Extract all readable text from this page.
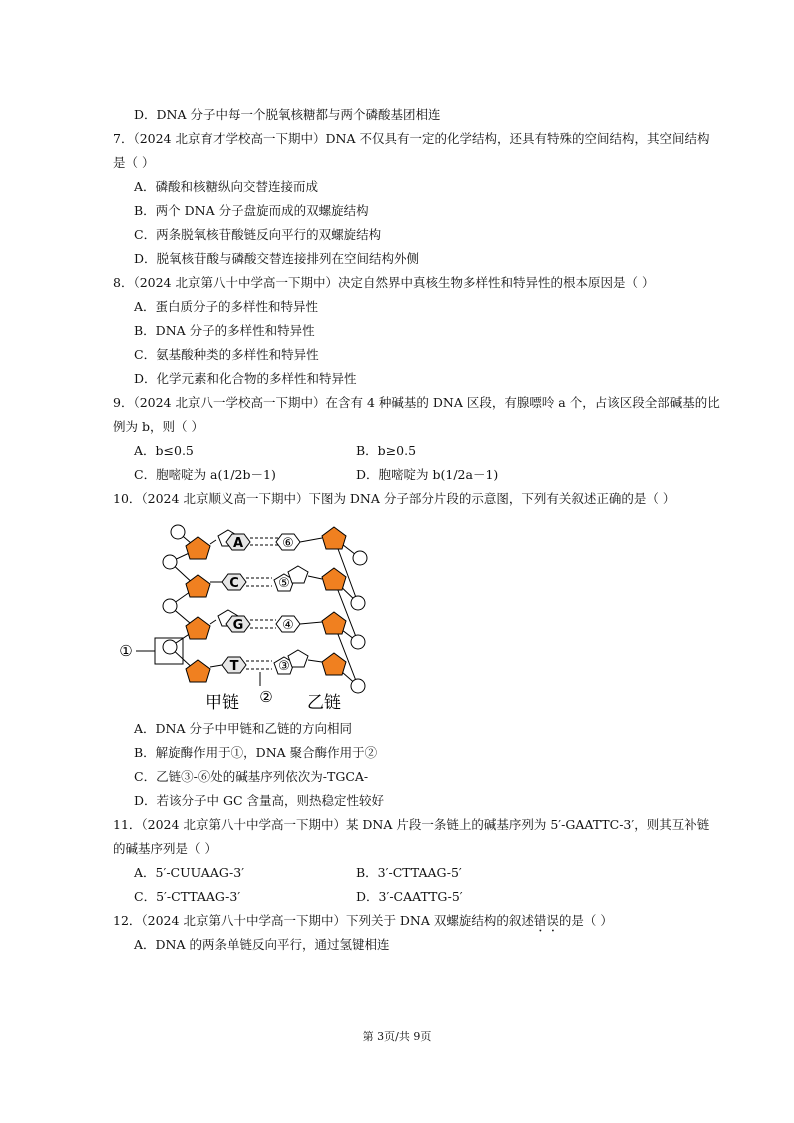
D．DNA 分子中每一个脱氧核糖都与两个磷酸基团相连
7．（2024 北京育才学校高一下期中）DNA 不仅具有一定的化学结构，还具有特殊的空间结构，其空间结构
是（ ）
A．磷酸和核糖纵向交替连接而成
B．两个 DNA 分子盘旋而成的双螺旋结构
C．两条脱氧核苷酸链反向平行的双螺旋结构
D．脱氧核苷酸与磷酸交替连接排列在空间结构外侧
8．（2024 北京第八十中学高一下期中）决定自然界中真核生物多样性和特异性的根本原因是（ ）
A．蛋白质分子的多样性和特异性
B．DNA 分子的多样性和特异性
C．氨基酸种类的多样性和特异性
D．化学元素和化合物的多样性和特异性
9．（2024 北京八一学校高一下期中）在含有 4 种碱基的 DNA 区段，有腺嘌呤 a 个，占该区段全部碱基的比
例为 b，则（ ）
A．b≤0.5	B．b≥0.5
C．胞嘧啶为 a(1/2b－1)	D．胞嘧啶为 b(1/2a－1)
10．（2024 北京顺义高一下期中）下图为 DNA 分子部分片段的示意图，下列有关叙述正确的是（ ）
A
C
G
T
⑥
⑤
④
③
①
②
甲链	乙链
A．DNA 分子中甲链和乙链的方向相同
B．解旋酶作用于①，DNA 聚合酶作用于②
C．乙链③-⑥处的碱基序列依次为-TGCA-
D．若该分子中 GC 含量高，则热稳定性较好
11．（2024 北京第八十中学高一下期中）某 DNA 片段一条链上的碱基序列为 5′-GAATTC-3′，则其互补链
的碱基序列是（ ）
A．5′-CUUAAG-3′	B．3′-CTTAAG-5′
C．5′-CTTAAG-3′	D．3′-CAATTG-5′
12．（2024 北京第八十中学高一下期中）下列关于 DNA 双螺旋结构的叙述错误的是（ ）
A．DNA 的两条单链反向平行，通过氢键相连
第 3页/共 9页
